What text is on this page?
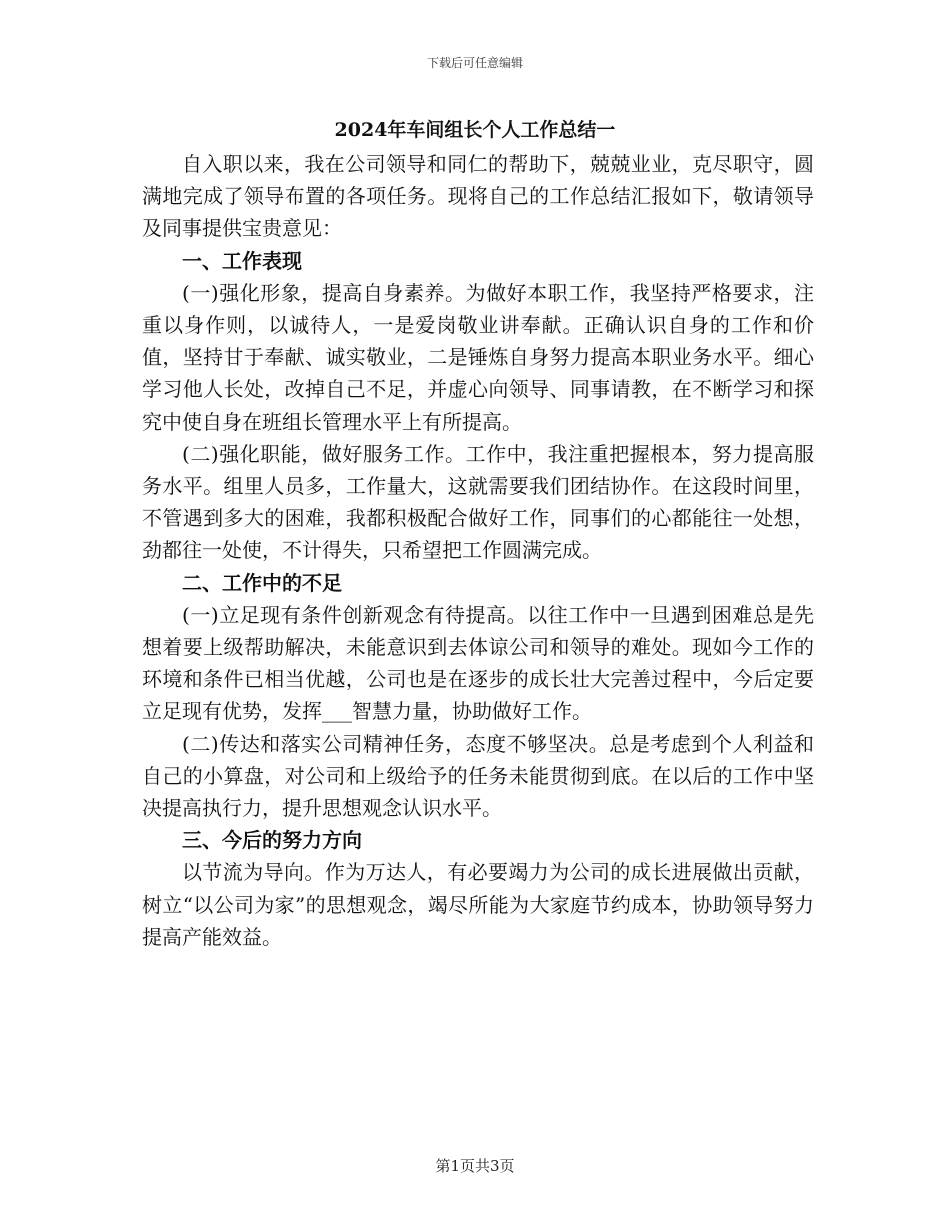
下载后可任意编辑
2024年车间组长个人工作总结一

自入职以来，我在公司领导和同仁的帮助下，兢兢业业，克尽职守，圆满地完成了领导布置的各项任务。现将自己的工作总结汇报如下，敬请领导及同事提供宝贵意见：

一、工作表现

(一)强化形象，提高自身素养。为做好本职工作，我坚持严格要求，注重以身作则，以诚待人，一是爱岗敬业讲奉献。正确认识自身的工作和价值，坚持甘于奉献、诚实敬业，二是锤炼自身努力提高本职业务水平。细心学习他人长处，改掉自己不足，并虚心向领导、同事请教，在不断学习和探究中使自身在班组长管理水平上有所提高。

(二)强化职能，做好服务工作。工作中，我注重把握根本，努力提高服务水平。组里人员多，工作量大，这就需要我们团结协作。在这段时间里，不管遇到多大的困难，我都积极配合做好工作，同事们的心都能往一处想，劲都往一处使，不计得失，只希望把工作圆满完成。

二、工作中的不足

(一)立足现有条件创新观念有待提高。以往工作中一旦遇到困难总是先想着要上级帮助解决，未能意识到去体谅公司和领导的难处。现如今工作的环境和条件已相当优越，公司也是在逐步的成长壮大完善过程中，今后定要立足现有优势，发挥___智慧力量，协助做好工作。

(二)传达和落实公司精神任务，态度不够坚决。总是考虑到个人利益和自己的小算盘，对公司和上级给予的任务未能贯彻到底。在以后的工作中坚决提高执行力，提升思想观念认识水平。

三、今后的努力方向

以节流为导向。作为万达人，有必要竭力为公司的成长进展做出贡献，树立“以公司为家”的思想观念，竭尽所能为大家庭节约成本，协助领导努力提高产能效益。

第1页共3页
